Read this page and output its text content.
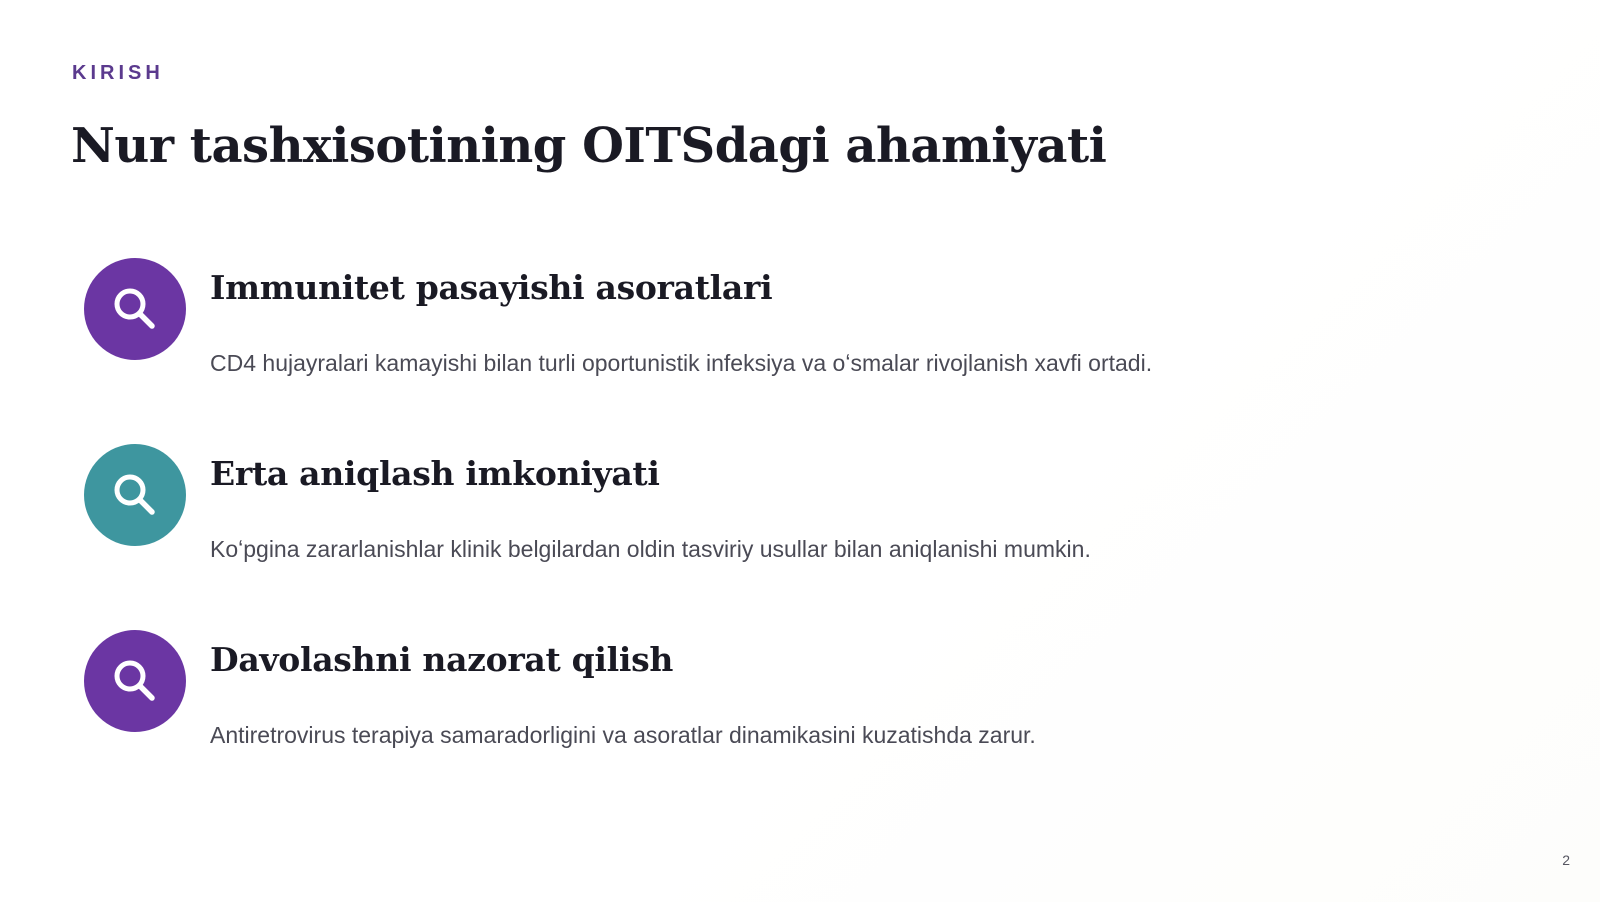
KIRISH
Nur tashxisotining OITSdagi ahamiyati
Immunitet pasayishi asoratlari
CD4 hujayralari kamayishi bilan turli oportunistik infeksiya va oʻsmalar rivojlanish xavfi ortadi.
Erta aniqlash imkoniyati
Koʻpgina zararlanishlar klinik belgilardan oldin tasviriy usullar bilan aniqlanishi mumkin.
Davolashni nazorat qilish
Antiretrovirus terapiya samaradorligini va asoratlar dinamikasini kuzatishda zarur.
2
